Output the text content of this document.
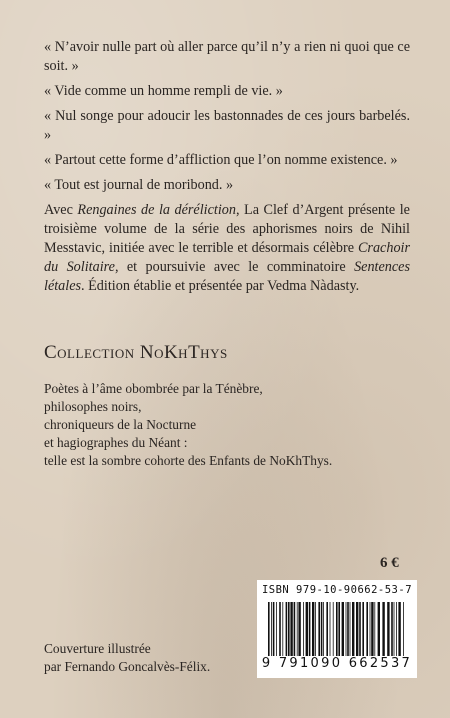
« N’avoir nulle part où aller parce qu’il n’y a rien ni quoi que ce soit. »

« Vide comme un homme rempli de vie. »

« Nul songe pour adoucir les bastonnades de ces jours barbelés. »

« Partout cette forme d’affliction que l’on nomme existence. »

« Tout est journal de moribond. »

Avec Rengaines de la déréliction, La Clef d’Argent présente le troisième volume de la série des aphorismes noirs de Nihil Messtavic, initiée avec le terrible et désormais célèbre Crachoir du Solitaire, et poursuivie avec le comminatoire Sentences létales. Édition établie et présentée par Vedma Nàdasty.

Collection NoKhThys
Poètes à l’âme obombrée par la Ténèbre,
philosophes noirs,
chroniqueurs de la Nocturne
et hagiographes du Néant :
telle est la sombre cohorte des Enfants de NoKhThys.
6 €
ISBN 979-10-90662-53-7
9 791090 662537
Couverture illustrée
par Fernando Goncalvès-Félix.
